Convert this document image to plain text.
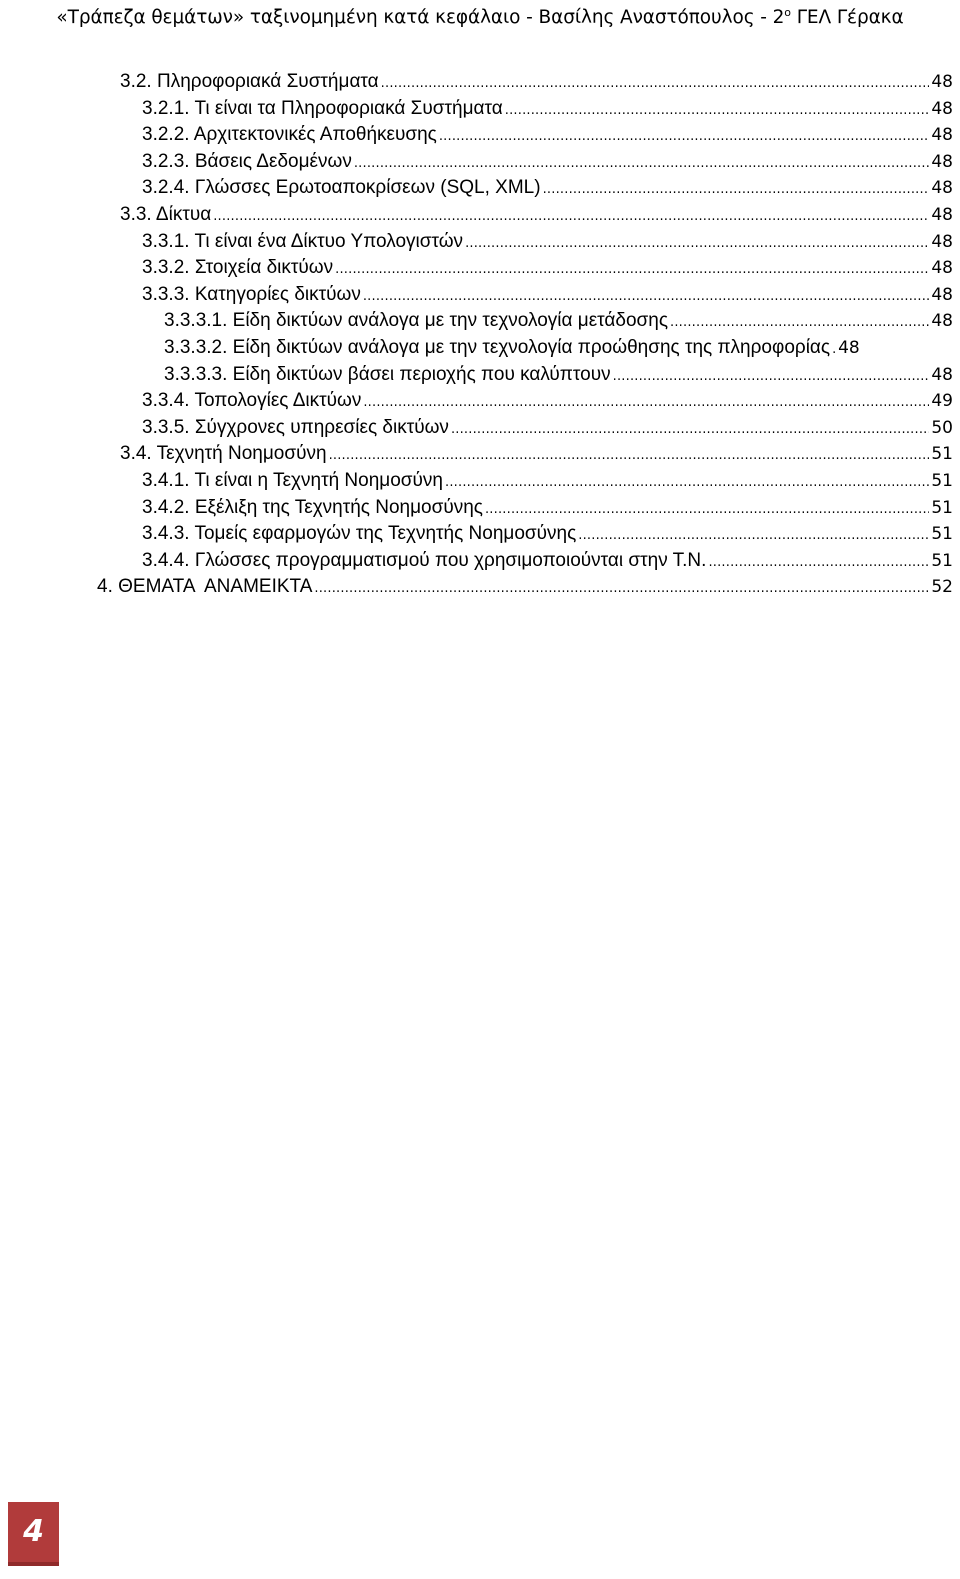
«Τράπεζα θεμάτων» ταξινομημένη κατά κεφάλαιο - Βασίλης Αναστόπουλος - $2^o$ ΓΕΛ Γέρακα
3.2. Πληροφοριακά Συστήματα .....	48
3.2.1. Τι είναι τα Πληροφοριακά Συστήματα .....	48
3.2.2. Αρχιτεκτονικές Αποθήκευσης .....	48
3.2.3. Βάσεις Δεδομένων .....	48
3.2.4. Γλώσσες Ερωτοαποκρίσεων (SQL, XML) .....	48
3.3. Δίκτυα .....	48
3.3.1. Τι είναι ένα Δίκτυο Υπολογιστών .....	48
3.3.2. Στοιχεία δικτύων .....	48
3.3.3. Κατηγορίες δικτύων .....	48
3.3.3.1. Είδη δικτύων ανάλογα με την τεχνολογία μετάδοσης .....	48
3.3.3.2. Είδη δικτύων ανάλογα με την τεχνολογία προώθησης της πληροφορίας ..... 48
3.3.3.3. Είδη δικτύων βάσει περιοχής που καλύπτουν .....	48
3.3.4. Τοπολογίες Δικτύων .....	49
3.3.5. Σύγχρονες υπηρεσίες δικτύων .....	50
3.4. Τεχνητή Νοημοσύνη .....	51
3.4.1. Τι είναι η Τεχνητή Νοημοσύνη .....	51
3.4.2. Εξέλιξη της Τεχνητής Νοημοσύνης .....	51
3.4.3. Τομείς εφαρμογών της Τεχνητής Νοημοσύνης .....	51
3.4.4. Γλώσσες προγραμματισμού που χρησιμοποιούνται στην Τ.Ν. .....	51
4. ΘΕΜΑΤΑ  ΑΝΑΜΕΙΚΤΑ .....	52
4
